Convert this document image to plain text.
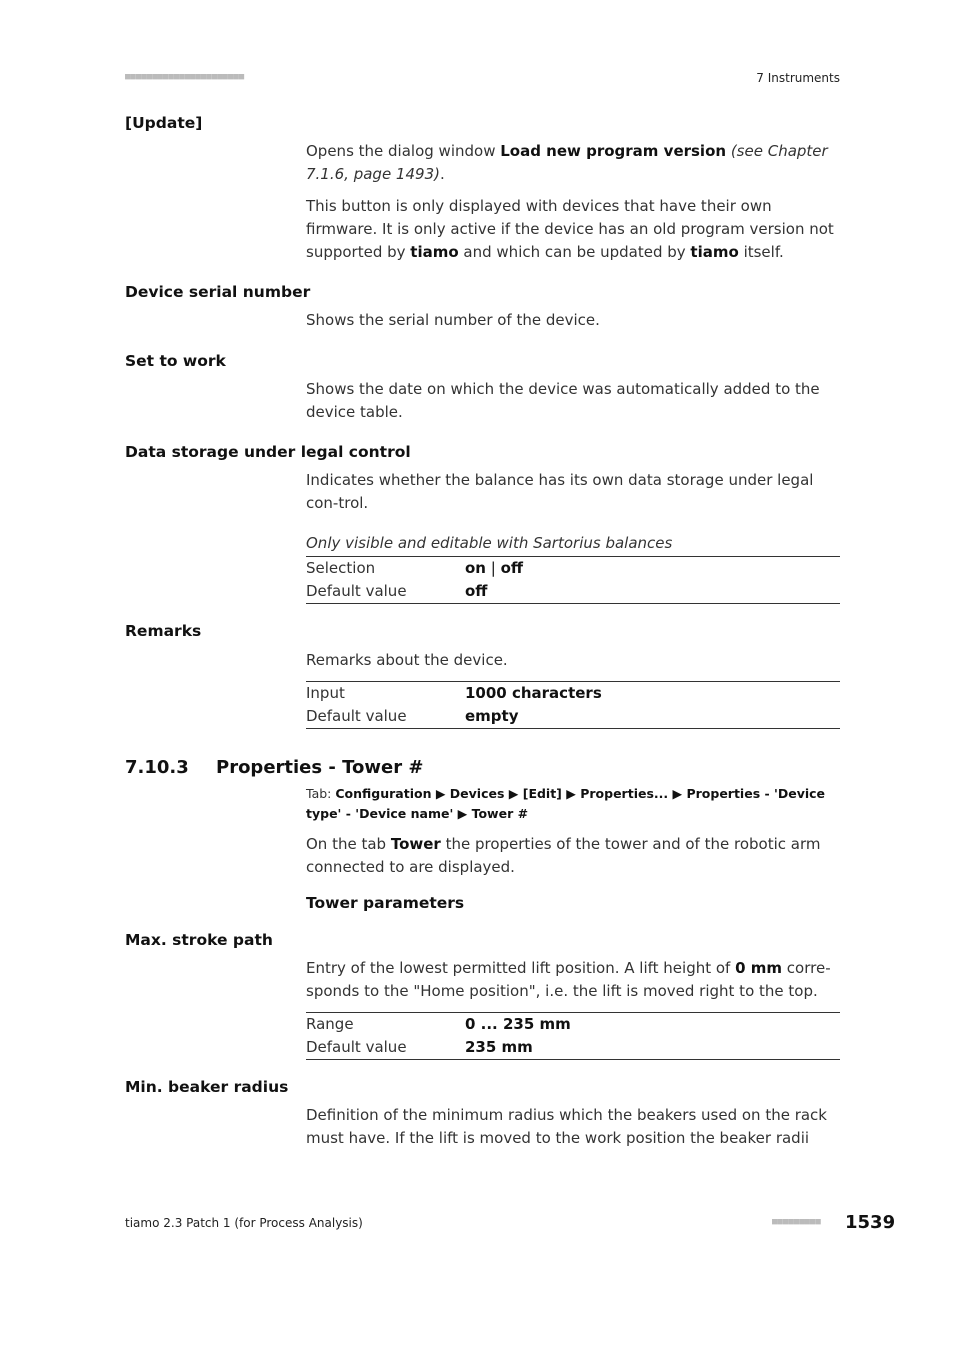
■■■■■■■■■■■■■■■■■■■■■■	7 Instruments
[Update]
Opens the dialog window Load new program version (see Chapter 7.1.6, page 1493).
This button is only displayed with devices that have their own firmware. It is only active if the device has an old program version not supported by tiamo and which can be updated by tiamo itself.
Device serial number
Shows the serial number of the device.
Set to work
Shows the date on which the device was automatically added to the device table.
Data storage under legal control
Indicates whether the balance has its own data storage under legal con-trol.
Only visible and editable with Sartorius balances
Selection	on | off
Default value	off
Remarks
Remarks about the device.
Input	1000 characters
Default value	empty
7.10.3 Properties - Tower #
Tab: Configuration ▶ Devices ▶ [Edit] ▶ Properties... ▶ Properties - 'Device type' - 'Device name' ▶ Tower #
On the tab Tower the properties of the tower and of the robotic arm connected to are displayed.
Tower parameters
Max. stroke path
Entry of the lowest permitted lift position. A lift height of 0 mm corre-sponds to the "Home position", i.e. the lift is moved right to the top.
Range	0 ... 235 mm
Default value	235 mm
Min. beaker radius
Definition of the minimum radius which the beakers used on the rack must have. If the lift is moved to the work position the beaker radii
tiamo 2.3 Patch 1 (for Process Analysis)	■■■■■■■■■ 1539
